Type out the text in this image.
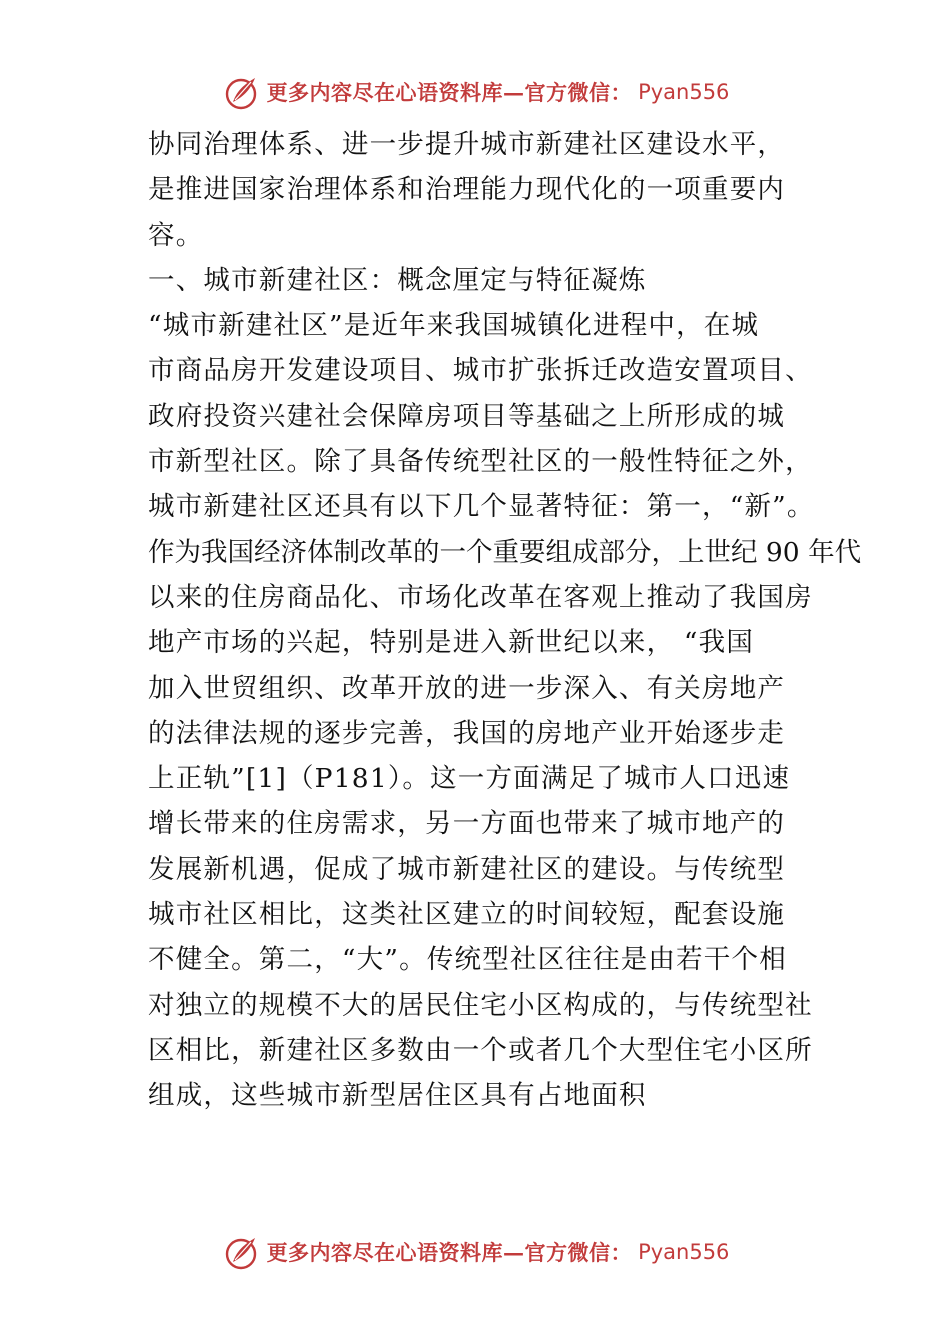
更多内容尽在心语资料库—官方微信： Pyan556
协同治理体系、进一步提升城市新建社区建设水平，
是推进国家治理体系和治理能力现代化的一项重要内
容。
一、城市新建社区：概念厘定与特征凝炼
“城市新建社区”是近年来我国城镇化进程中，在城
市商品房开发建设项目、城市扩张拆迁改造安置项目、
政府投资兴建社会保障房项目等基础之上所形成的城
市新型社区。除了具备传统型社区的一般性特征之外，
城市新建社区还具有以下几个显著特征：第一，“新”。
作为我国经济体制改革的一个重要组成部分，上世纪 90 年代
以来的住房商品化、市场化改革在客观上推动了我国房
地产市场的兴起，特别是进入新世纪以来， “我国
加入世贸组织、改革开放的进一步深入、有关房地产
的法律法规的逐步完善，我国的房地产业开始逐步走
上正轨”[1]（P181）。这一方面满足了城市人口迅速
增长带来的住房需求，另一方面也带来了城市地产的
发展新机遇，促成了城市新建社区的建设。与传统型
城市社区相比，这类社区建立的时间较短，配套设施
不健全。第二，“大”。传统型社区往往是由若干个相
对独立的规模不大的居民住宅小区构成的，与传统型社
区相比，新建社区多数由一个或者几个大型住宅小区所
组成，这些城市新型居住区具有占地面积
更多内容尽在心语资料库—官方微信： Pyan556
